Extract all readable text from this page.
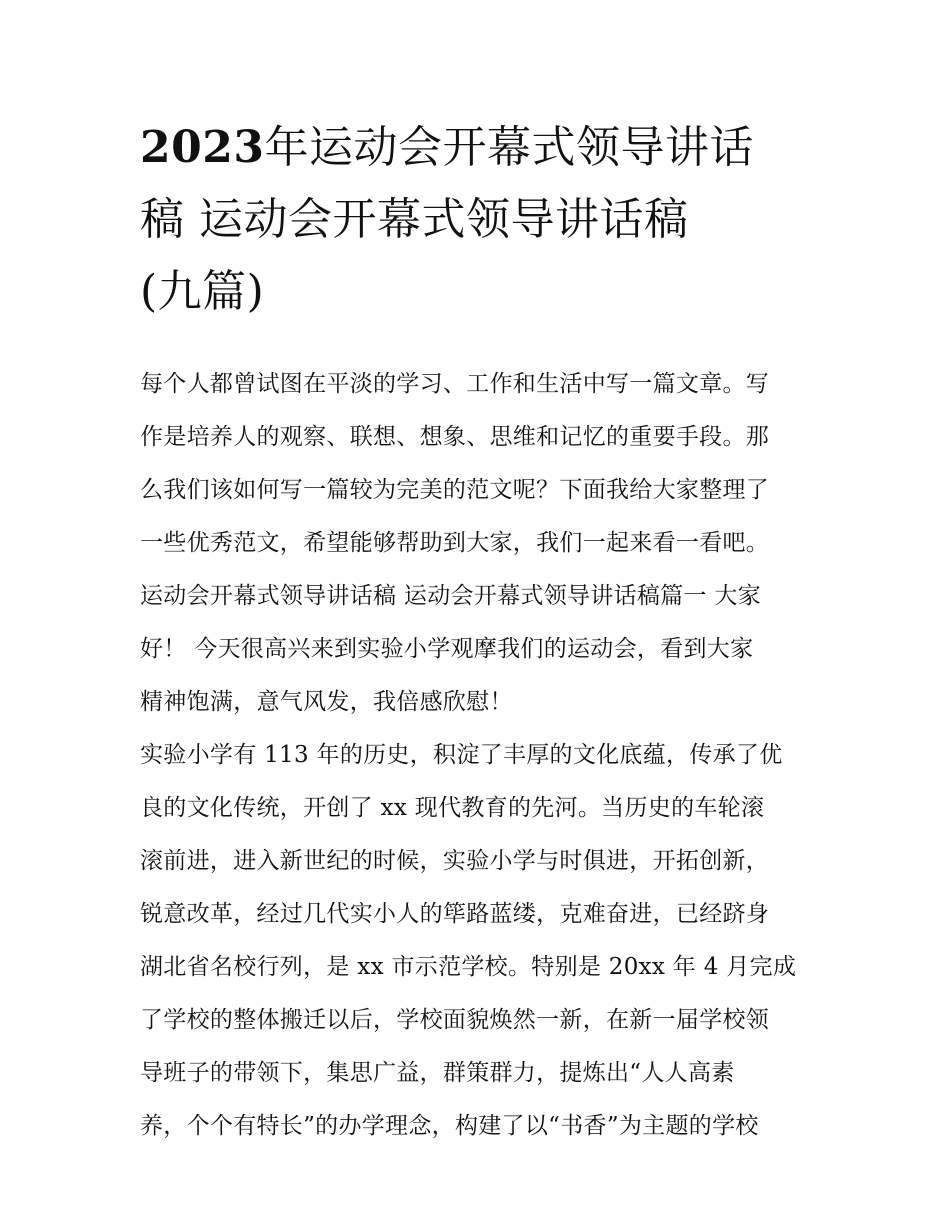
2023年运动会开幕式领导讲话
稿 运动会开幕式领导讲话稿
(九篇)
每个人都曾试图在平淡的学习、工作和生活中写一篇文章。写
作是培养人的观察、联想、想象、思维和记忆的重要手段。那
么我们该如何写一篇较为完美的范文呢？下面我给大家整理了
一些优秀范文，希望能够帮助到大家，我们一起来看一看吧。
运动会开幕式领导讲话稿 运动会开幕式领导讲话稿篇一 大家
好！ 今天很高兴来到实验小学观摩我们的运动会，看到大家
精神饱满，意气风发，我倍感欣慰！
实验小学有 113 年的历史，积淀了丰厚的文化底蕴，传承了优
良的文化传统，开创了 xx 现代教育的先河。当历史的车轮滚
滚前进，进入新世纪的时候，实验小学与时俱进，开拓创新，
锐意改革，经过几代实小人的筚路蓝缕，克难奋进，已经跻身
湖北省名校行列，是 xx 市示范学校。特别是 20xx 年 4 月完成
了学校的整体搬迁以后，学校面貌焕然一新，在新一届学校领
导班子的带领下，集思广益，群策群力，提炼出“人人高素
养，个个有特长”的办学理念，构建了以“书香”为主题的学校
